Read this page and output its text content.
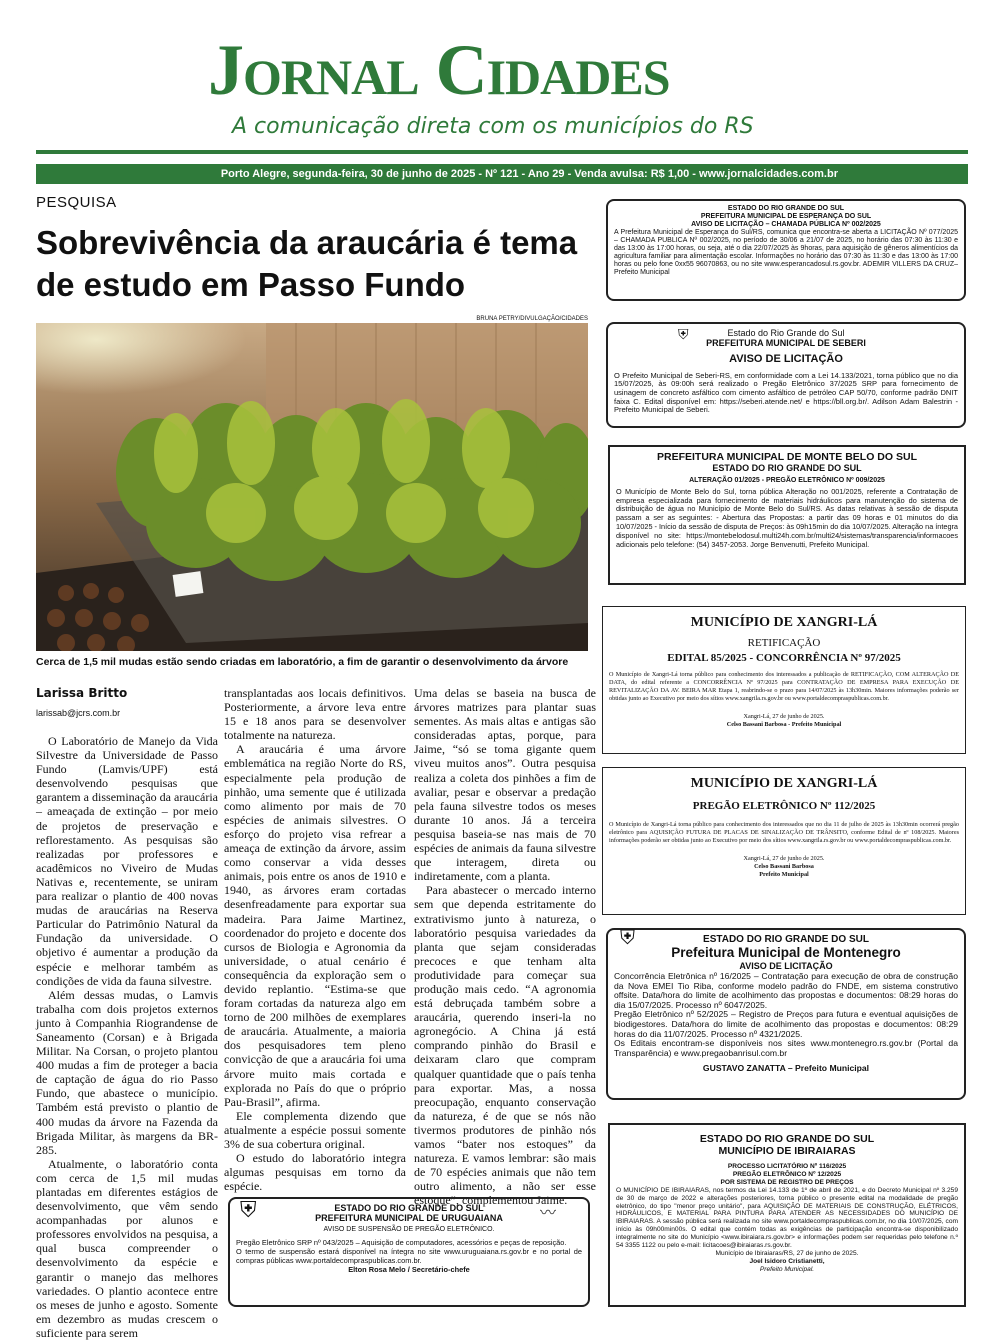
Jornal Cidades
A comunicação direta com os municípios do RS
Porto Alegre, segunda-feira, 30 de junho de 2025 - Nº 121 - Ano 29 - Venda avulsa: R$ 1,00 - www.jornalcidades.com.br
PESQUISA
Sobrevivência da araucária é tema de estudo em Passo Fundo
BRUNA PETRY/DIVULGAÇÃO/CIDADES
Cerca de 1,5 mil mudas estão sendo criadas em laboratório, a fim de garantir o desenvolvimento da árvore
Larissa Britto
larissab@jcrs.com.br

O Laboratório de Manejo da Vida Silvestre da Universidade de Passo Fundo (Lamvis/UPF) está desenvolvendo pesquisas que garantem a disseminação da araucária – ameaçada de extinção – por meio de projetos de preservação e reflorestamento. As pesquisas são realizadas por professores e acadêmicos no Viveiro de Mudas Nativas e, recentemente, se uniram para realizar o plantio de 400 novas mudas de araucárias na Reserva Particular do Patrimônio Natural da Fundação da universidade. O objetivo é aumentar a produção da espécie e melhorar também as condições de vida da fauna silvestre.

Além dessas mudas, o Lamvis trabalha com dois projetos externos junto à Companhia Riograndense de Saneamento (Corsan) e à Brigada Militar. Na Corsan, o projeto plantou 400 mudas a fim de proteger a bacia de captação de água do rio Passo Fundo, que abastece o município. Também está previsto o plantio de 400 mudas da árvore na Fazenda da Brigada Militar, às margens da BR-285.

Atualmente, o laboratório conta com cerca de 1,5 mil mudas plantadas em diferentes estágios de desenvolvimento, que vêm sendo acompanhadas por alunos e professores envolvidos na pesquisa, a qual busca compreender o desenvolvimento da espécie e garantir o manejo das melhores variedades. O plantio acontece entre os meses de junho e agosto. Somente em dezembro as mudas crescem o suficiente para serem

transplantadas aos locais definitivos. Posteriormente, a árvore leva entre 15 e 18 anos para se desenvolver totalmente na natureza.

A araucária é uma árvore emblemática na região Norte do RS, especialmente pela produção de pinhão, uma semente que é utilizada como alimento por mais de 70 espécies de animais silvestres. O esforço do projeto visa refrear a ameaça de extinção da árvore, assim como conservar a vida desses animais, pois entre os anos de 1910 e 1940, as árvores eram cortadas desenfreadamente para exportar sua madeira. Para Jaime Martinez, coordenador do projeto e docente dos cursos de Biologia e Agronomia da universidade, o atual cenário é consequência da exploração sem o devido replantio. “Estima-se que foram cortadas da natureza algo em torno de 200 milhões de exemplares de araucária. Atualmente, a maioria dos pesquisadores tem pleno convicção de que a araucária foi uma árvore muito mais cortada e explorada no País do que o próprio Pau-Brasil”, afirma.

Ele complementa dizendo que atualmente a espécie possui somente 3% de sua cobertura original.

O estudo do laboratório integra algumas pesquisas em torno da espécie.

Uma delas se baseia na busca de árvores matrizes para plantar suas sementes. As mais altas e antigas são consideradas aptas, porque, para Jaime, “só se toma gigante quem viveu muitos anos”. Outra pesquisa realiza a coleta dos pinhões a fim de avaliar, pesar e observar a predação pela fauna silvestre todos os meses durante 10 anos. Já a terceira pesquisa baseia-se nas mais de 70 espécies de animais da fauna silvestre que interagem, direta ou indiretamente, com a planta.

Para abastecer o mercado interno sem que dependa estritamente do extrativismo junto à natureza, o laboratório pesquisa variedades da planta que sejam consideradas precoces e que tenham alta produtividade para começar sua produção mais cedo. “A agronomia está debruçada também sobre a araucária, querendo inseri-la no agronegócio. A China já está comprando pinhão do Brasil e deixaram claro que compram qualquer quantidade que o país tenha para exportar. Mas, a nossa preocupação, enquanto conservação da natureza, é de que se nós não tivermos produtores de pinhão nós vamos “bater nos estoques” da natureza. E vamos lembrar: são mais de 70 espécies animais que não tem outro alimento, a não ser esse estoque”, complementou Jaime.

ESTADO DO RIO GRANDE DO SUL
PREFEITURA MUNICIPAL DE ESPERANÇA DO SUL
AVISO DE LICITAÇÃO – CHAMADA PÚBLICA Nº 002/2025
A Prefeitura Municipal de Esperança do Sul/RS, comunica que encontra-se aberta a LICITAÇÃO Nº 077/2025 – CHAMADA PUBLICA Nº 002/2025, no período de 30/06 a 21/07 de 2025, no horário das 07:30 às 11:30 e das 13:00 às 17:00 horas, ou seja, até o dia 22/07/2025 às 9horas, para aquisição de gêneros alimentícios da agricultura familiar para alimentação escolar. Informações no horário das 07:30 às 11:30 e das 13:00 às 17:00 horas ou pelo fone 0xx55 96070863, ou no site www.esperancadosul.rs.gov.br. ADEMIR VILLERS DA CRUZ– Prefeito Municipal
⛨	Estado do Rio Grande do Sul
PREFEITURA MUNICIPAL DE SEBERI
AVISO DE LICITAÇÃO
O Prefeito Municipal de Seberi-RS, em conformidade com a Lei 14.133/2021, torna público que no dia 15/07/2025, às 09:00h será realizado o Pregão Eletrônico 37/2025 SRP para fornecimento de usinagem de concreto asfáltico com cimento asfáltico de petróleo CAP 50/70, conforme padrão DNIT faixa C. Edital disponível em: https://seberi.atende.net/ e https://bll.org.br/. Adilson Adam Balestrin - Prefeito Municipal de Seberi.
PREFEITURA MUNICIPAL DE MONTE BELO DO SUL
ESTADO DO RIO GRANDE DO SUL
ALTERAÇÃO 01/2025 - PREGÃO ELETRÔNICO Nº 009/2025
O Município de Monte Belo do Sul, torna pública Alteração no 001/2025, referente a Contratação de empresa especializada para fornecimento de materiais hidráulicos para manutenção do sistema de distribuição de água no Município de Monte Belo do Sul/RS. As datas relativas à sessão de disputa passam a ser as seguintes: - Abertura das Propostas: a partir das 09 horas e 01 minutos do dia 10/07/2025 - Início da sessão de disputa de Preços: às 09h15min do dia 10/07/2025. Alteração na íntegra disponível no site: https://montebelodosul.multi24h.com.br/multi24/sistemas/transparencia/informacoes adicionais pelo telefone: (54) 3457-2053. Jorge Benvenutti, Prefeito Municipal.
MUNICÍPIO DE XANGRI-LÁ
RETIFICAÇÃO
EDITAL 85/2025 - CONCORRÊNCIA Nº 97/2025
O Município de Xangri-Lá torna público para conhecimento dos interessados a publicação de RETIFICAÇÃO, COM ALTERAÇÃO DE DATA, do edital referente a CONCORRÊNCIA Nº 97/2025 para CONTRATAÇÃO DE EMPRESA PARA EXECUÇÃO DE REVITALIZAÇÃO DA AV. BEIRA MAR Etapa 1, reabrindo-se o prazo para 14/07/2025 às 13h30min. Maiores informações poderão ser obtidas junto ao Executivo por meio dos sítios www.xangrila.rs.gov.br ou www.portaldecompraspublicas.com.br.
Xangri-Lá, 27 de junho de 2025.
Celso Bassani Barbosa - Prefeito Municipal
MUNICÍPIO DE XANGRI-LÁ
PREGÃO ELETRÔNICO Nº 112/2025
O Município de Xangri-Lá torna público para conhecimento dos interessados que no dia 11 de julho de 2025 às 13h30min ocorrerá pregão eletrônico para AQUISIÇÃO FUTURA DE PLACAS DE SINALIZAÇÃO DE TRÂNSITO, conforme Edital de nº 108/2025. Maiores informações poderão ser obtidas junto ao Executivo por meio dos sítios www.xangrila.rs.gov.br ou www.portaldecompraspublicas.com.br.
Xangri-Lá, 27 de junho de 2025.
Celso Bassani Barbosa
Prefeito Municipal
⛨	ESTADO DO RIO GRANDE DO SUL
Prefeitura Municipal de Montenegro
AVISO DE LICITAÇÃO
Concorrência Eletrônica nº 16/2025 – Contratação para execução de obra de construção da Nova EMEI Tio Riba, conforme modelo padrão do FNDE, em sistema construtivo offsite. Data/hora do limite de acolhimento das propostas e documentos: 08:29 horas do dia 15/07/2025. Processo nº 6047/2025.
Pregão Eletrônico nº 52/2025 – Registro de Preços para futura e eventual aquisições de biodigestores. Data/hora do limite de acolhimento das propostas e documentos: 08:29 horas do dia 11/07/2025. Processo nº 4321/2025.
Os Editais encontram-se disponíveis nos sites www.montenegro.rs.gov.br (Portal da Transparência) e www.pregaobanrisul.com.br
GUSTAVO ZANATTA – Prefeito Municipal
ESTADO DO RIO GRANDE DO SUL
MUNICÍPIO DE IBIRAIARAS
PROCESSO LICITATÓRIO Nº 116/2025
PREGÃO ELETRÔNICO Nº 12/2025
POR SISTEMA DE REGISTRO DE PREÇOS
O MUNICÍPIO DE IBIRAIARAS, nos termos da Lei 14.133 de 1º de abril de 2021, e do Decreto Municipal nº 3.259 de 30 de março de 2022 e alterações posteriores, torna público o presente edital na modalidade de pregão eletrônico, do tipo "menor preço unitário", para AQUISIÇÃO DE MATERIAIS DE CONSTRUÇÃO, ELÉTRICOS, HIDRÁULICOS, E MATERIAL PARA PINTURA PARA ATENDER AS NECESSIDADES DO MUNICÍPIO DE IBIRAIARAS. A sessão pública será realizada no site www.portaldecompraspublicas.com.br, no dia 10/07/2025, com início às 09h00min00s. O edital que contém todas as exigências de participação encontra-se disponibilizado integralmente no site do Município <www.ibiraiara.rs.gov.br> e informações podem ser requeridas pelo telefone n.º 54 3355 1122 ou pelo e-mail: licitacoes@ibiraiaras.rs.gov.br.
Município de Ibiraiaras/RS, 27 de junho de 2025.
Joel Isidoro Cristianetti,
Prefeito Municipal.
⛨	〰
ESTADO DO RIO GRANDE DO SUL
PREFEITURA MUNICIPAL DE URUGUAIANA
AVISO DE SUSPENSÃO DE PREGÃO ELETRÔNICO.
Pregão Eletrônico SRP nº 043/2025 – Aquisição de computadores, acessórios e peças de reposição.
O termo de suspensão estará disponível na íntegra no site www.uruguaiana.rs.gov.br e no portal de compras públicas www.portaldecompraspublicas.com.br.
Elton Rosa Melo / Secretário-chefe
